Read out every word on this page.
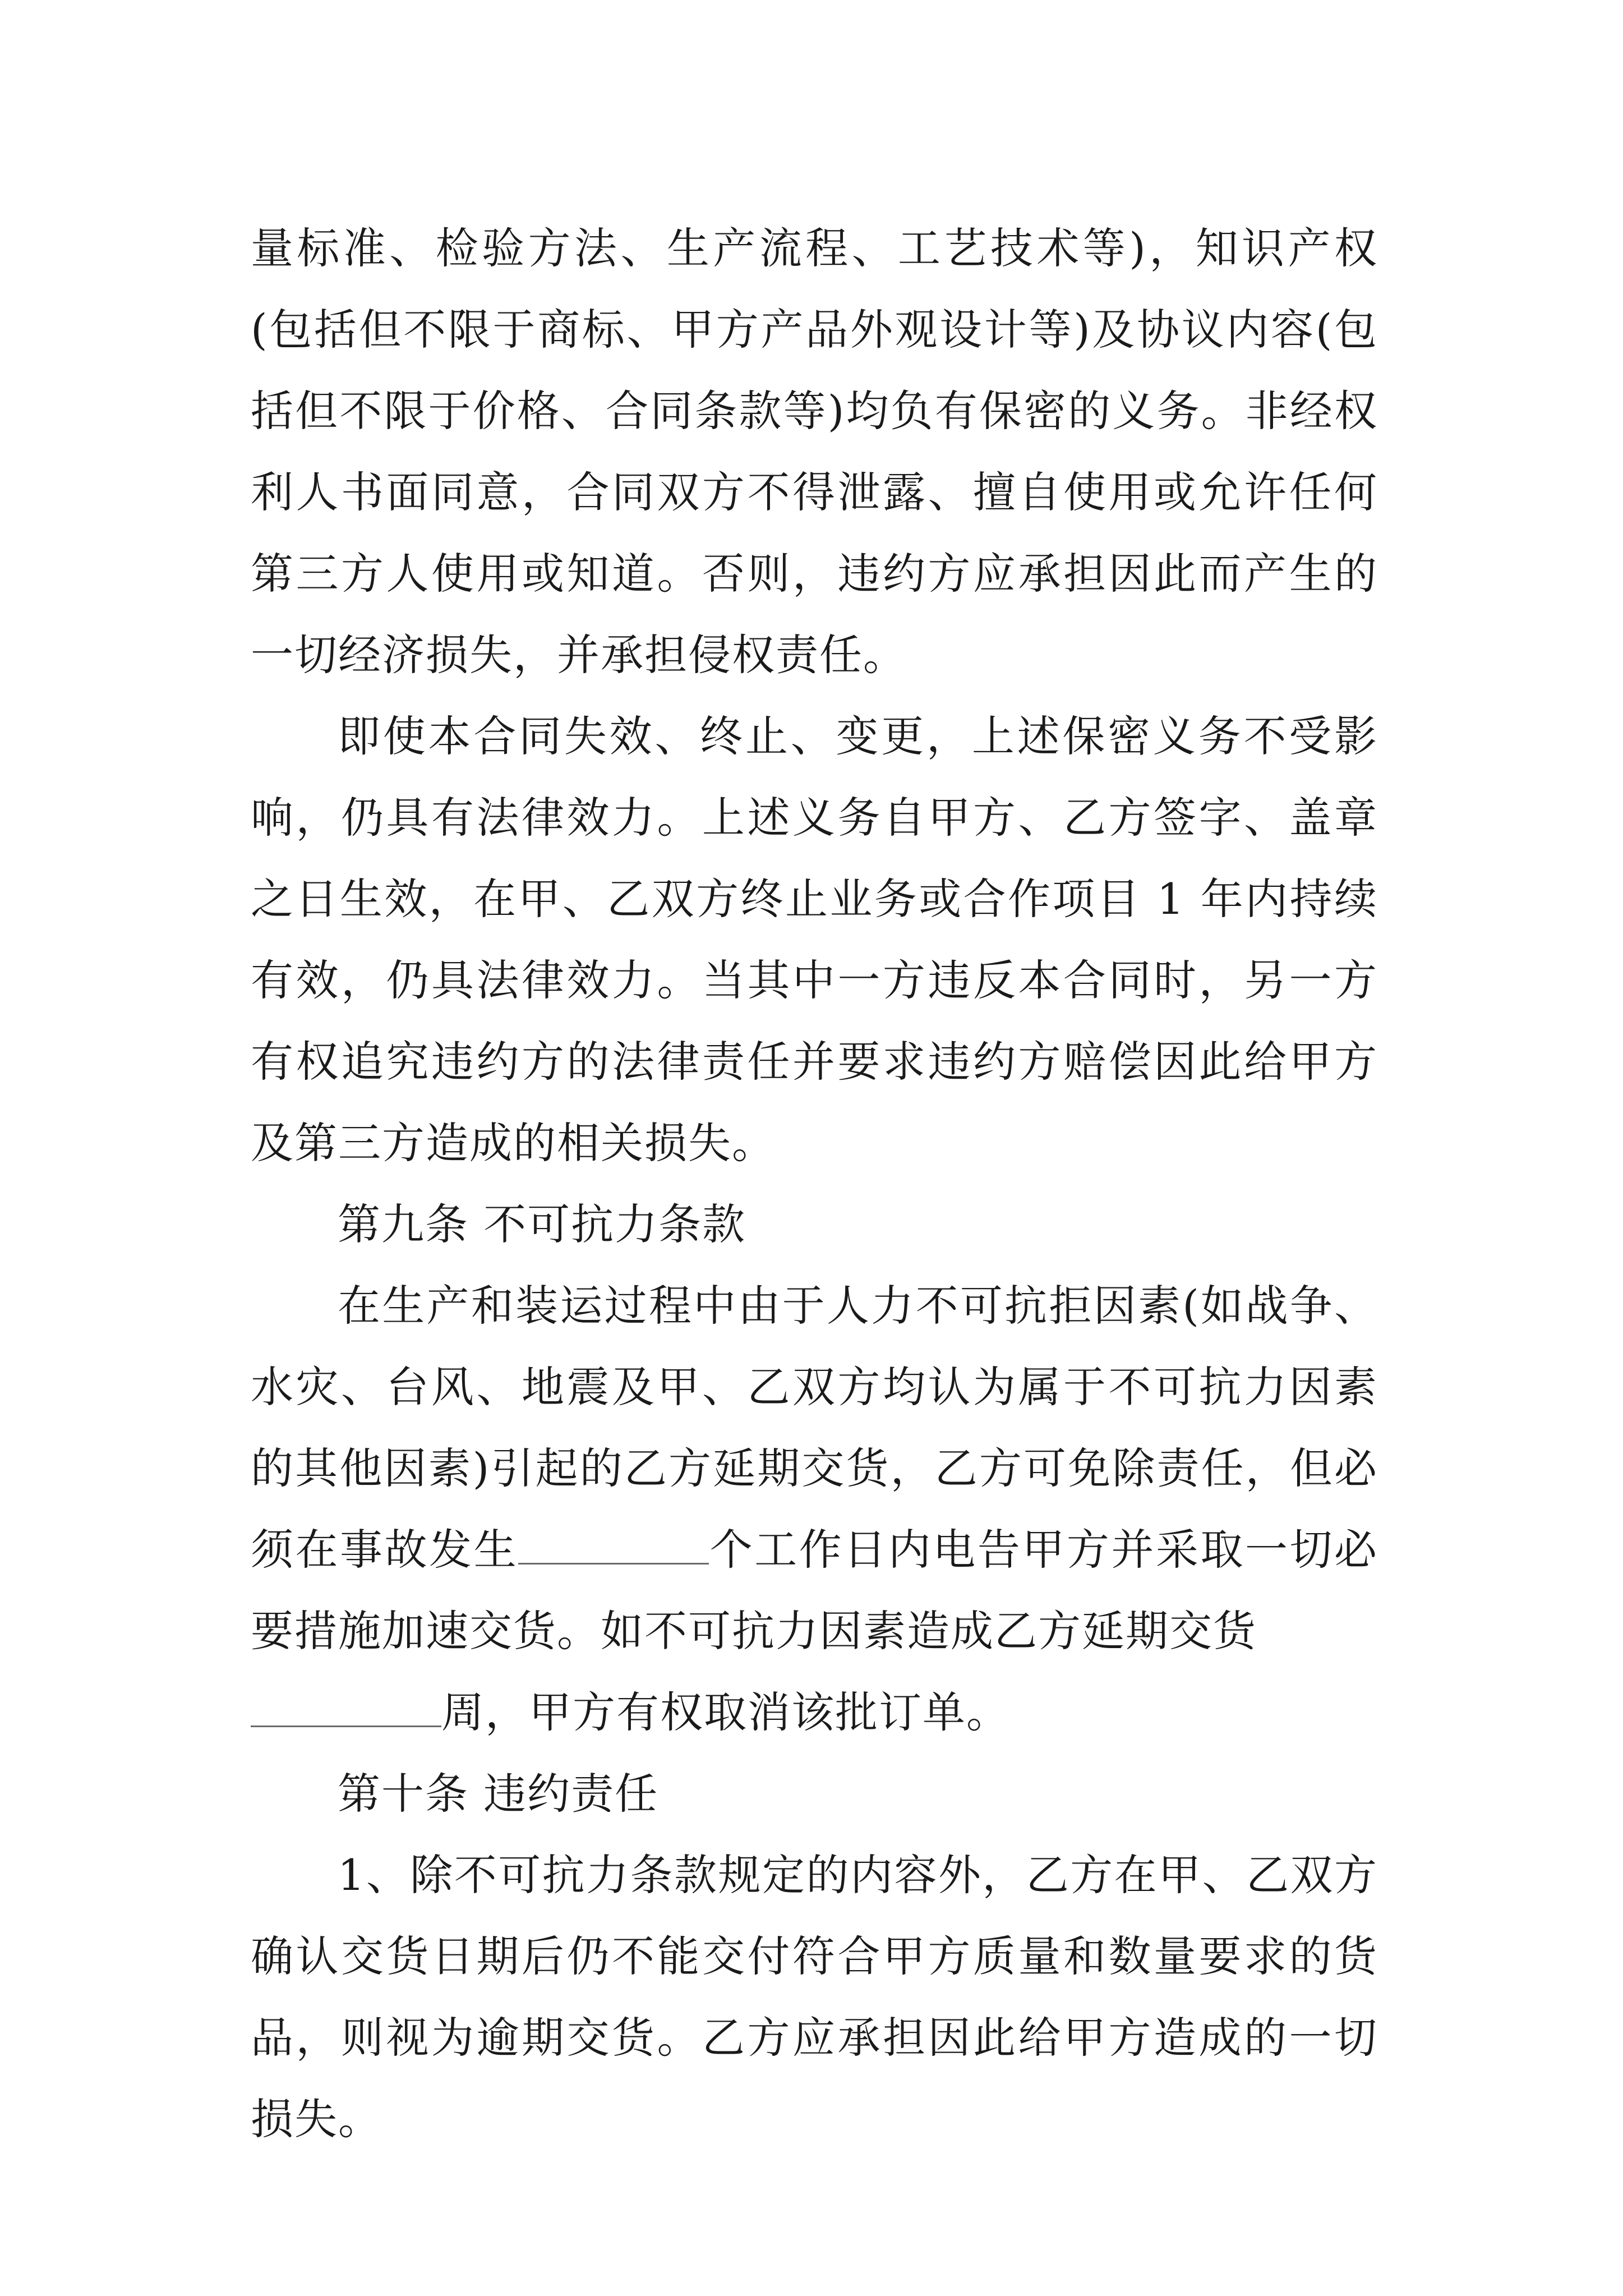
量标准、检验方法、生产流程、工艺技术等)，知识产权(包括但不限于商标、甲方产品外观设计等)及协议内容(包括但不限于价格、合同条款等)均负有保密的义务。非经权利人书面同意，合同双方不得泄露、擅自使用或允许任何第三方人使用或知道。否则，违约方应承担因此而产生的一切经济损失，并承担侵权责任。

即使本合同失效、终止、变更，上述保密义务不受影响，仍具有法律效力。上述义务自甲方、乙方签字、盖章之日生效，在甲、乙双方终止业务或合作项目 1 年内持续有效，仍具法律效力。当其中一方违反本合同时，另一方有权追究违约方的法律责任并要求违约方赔偿因此给甲方及第三方造成的相关损失。

第九条 不可抗力条款

在生产和装运过程中由于人力不可抗拒因素(如战争、水灾、台风、地震及甲、乙双方均认为属于不可抗力因素的其他因素)引起的乙方延期交货，乙方可免除责任，但必须在事故发生	个工作日内电告甲方并采取一切必要措施加速交货。如不可抗力因素造成乙方延期交货
周，甲方有权取消该批订单。

第十条 违约责任

1、除不可抗力条款规定的内容外，乙方在甲、乙双方确认交货日期后仍不能交付符合甲方质量和数量要求的货品，则视为逾期交货。乙方应承担因此给甲方造成的一切损失。
